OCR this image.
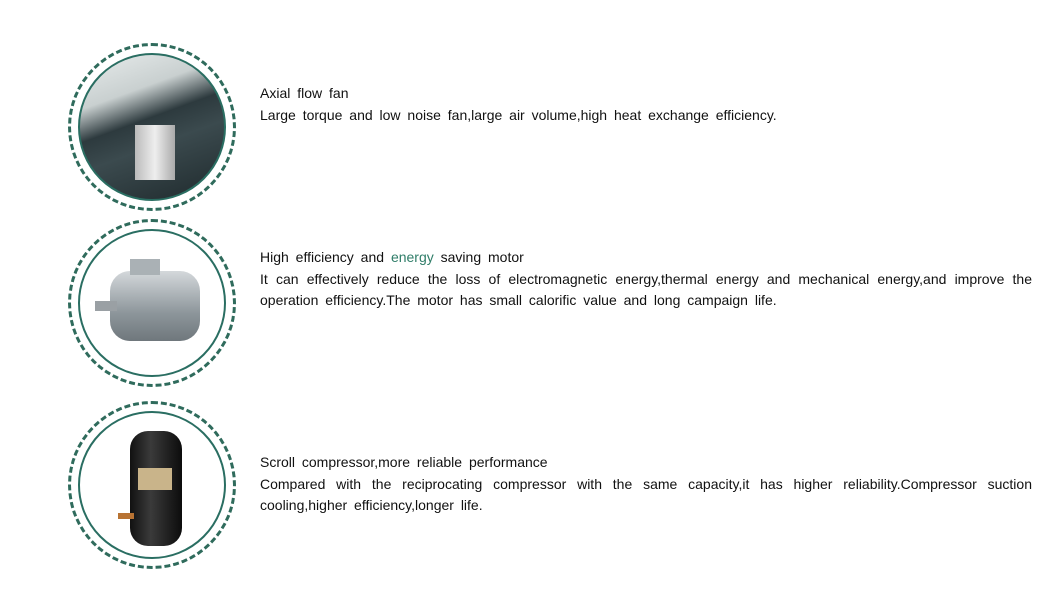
Axial flow fan
Large torque and low noise fan,large air volume,high heat exchange efficiency.
High efficiency and energy saving motor
It can effectively reduce the loss of electromagnetic energy,thermal energy and mechanical energy,and improve the operation efficiency.The motor has small calorific value and long campaign life.
Scroll compressor,more reliable performance
Compared with the reciprocating compressor with the same capacity,it has higher reliability.Compressor suction cooling,higher efficiency,longer life.
